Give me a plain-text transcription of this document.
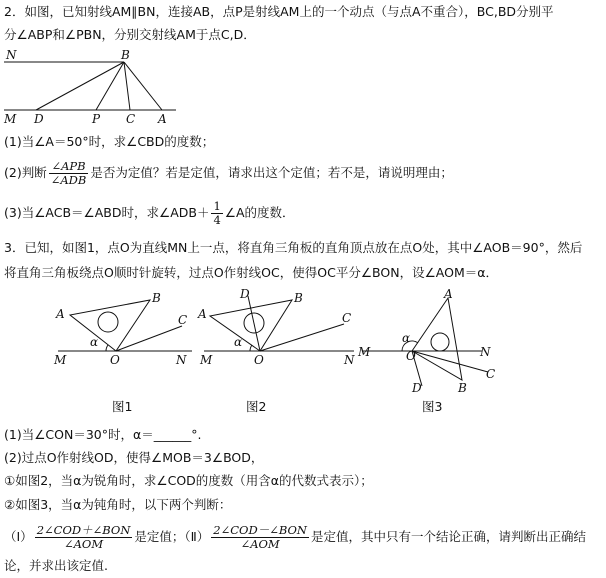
2．如图，已知射线AM∥BN，连接AB，点P是射线AM上的一个动点（与点A不重合），BC,BD分别平
分∠ABP和∠PBN，分别交射线AM于点C,D．
N	B
M D	P C A
(1)当∠A＝50°时，求∠CBD的度数；
(2)判断 $\frac{\text{∠APB}}{\text{∠ADB}}$ 是否为定值？若是定值，请求出这个定值；若不是，请说明理由；
(3)当∠ACB＝∠ABD时，求∠ADB＋ $\frac{1}{4}$ ∠A的度数．
3．已知，如图1，点O为直线MN上一点，将直角三角板的直角顶点放在点O处，其中∠AOB＝90°，然后
将直角三角板绕点O顺时针旋转，过点O作射线OC，使得OC平分∠BON，设∠AOM＝α．
A
B
C
α
M	O	N
图1
D	B
A	C
α
M	O	N
图2
A
α
M	O	N
C
D	B
图3
(1)当∠CON＝30°时，α＝______°.
(2)过点O作射线OD，使得∠MOB＝3∠BOD，
①如图2，当α为锐角时，求∠COD的度数（用含α的代数式表示）；
②如图3，当α为钝角时，以下两个判断：
（Ⅰ） $\frac{\text{2∠COD＋∠BON}}{\text{∠AOM}}$ 是定值；（Ⅱ） $\frac{\text{2∠COD－∠BON}}{\text{∠AOM}}$ 是定值，其中只有一个结论正确，请判断出正确结
论，并求出该定值.
